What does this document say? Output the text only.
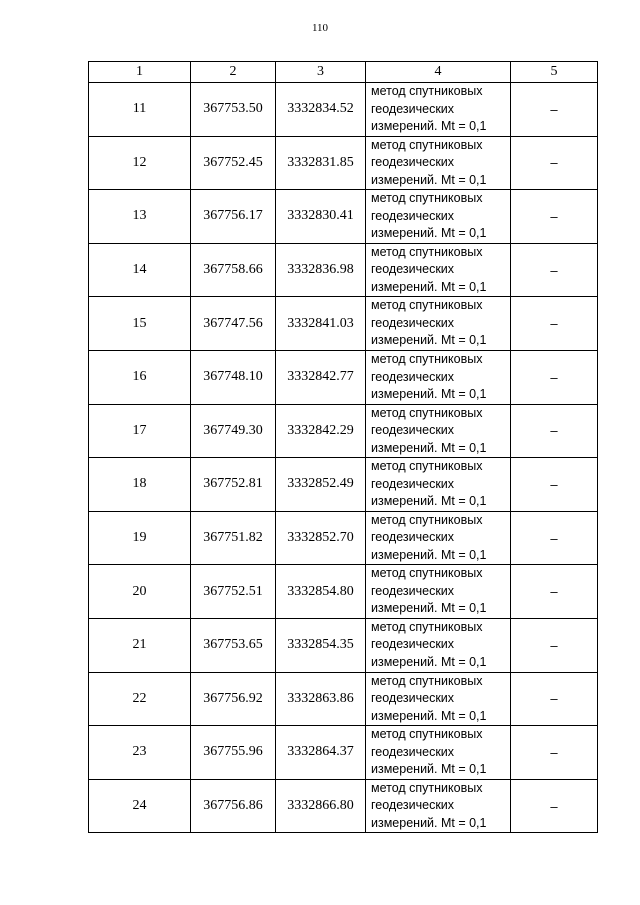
110
1	2	3	4	5
11	367753.50	3332834.52	метод спутниковых
геодезических
измерений. Mt = 0,1	–
12	367752.45	3332831.85	метод спутниковых
геодезических
измерений. Mt = 0,1	–
13	367756.17	3332830.41	метод спутниковых
геодезических
измерений. Mt = 0,1	–
14	367758.66	3332836.98	метод спутниковых
геодезических
измерений. Mt = 0,1	–
15	367747.56	3332841.03	метод спутниковых
геодезических
измерений. Mt = 0,1	–
16	367748.10	3332842.77	метод спутниковых
геодезических
измерений. Mt = 0,1	–
17	367749.30	3332842.29	метод спутниковых
геодезических
измерений. Mt = 0,1	–
18	367752.81	3332852.49	метод спутниковых
геодезических
измерений. Mt = 0,1	–
19	367751.82	3332852.70	метод спутниковых
геодезических
измерений. Mt = 0,1	–
20	367752.51	3332854.80	метод спутниковых
геодезических
измерений. Mt = 0,1	–
21	367753.65	3332854.35	метод спутниковых
геодезических
измерений. Mt = 0,1	–
22	367756.92	3332863.86	метод спутниковых
геодезических
измерений. Mt = 0,1	–
23	367755.96	3332864.37	метод спутниковых
геодезических
измерений. Mt = 0,1	–
24	367756.86	3332866.80	метод спутниковых
геодезических
измерений. Mt = 0,1	–
